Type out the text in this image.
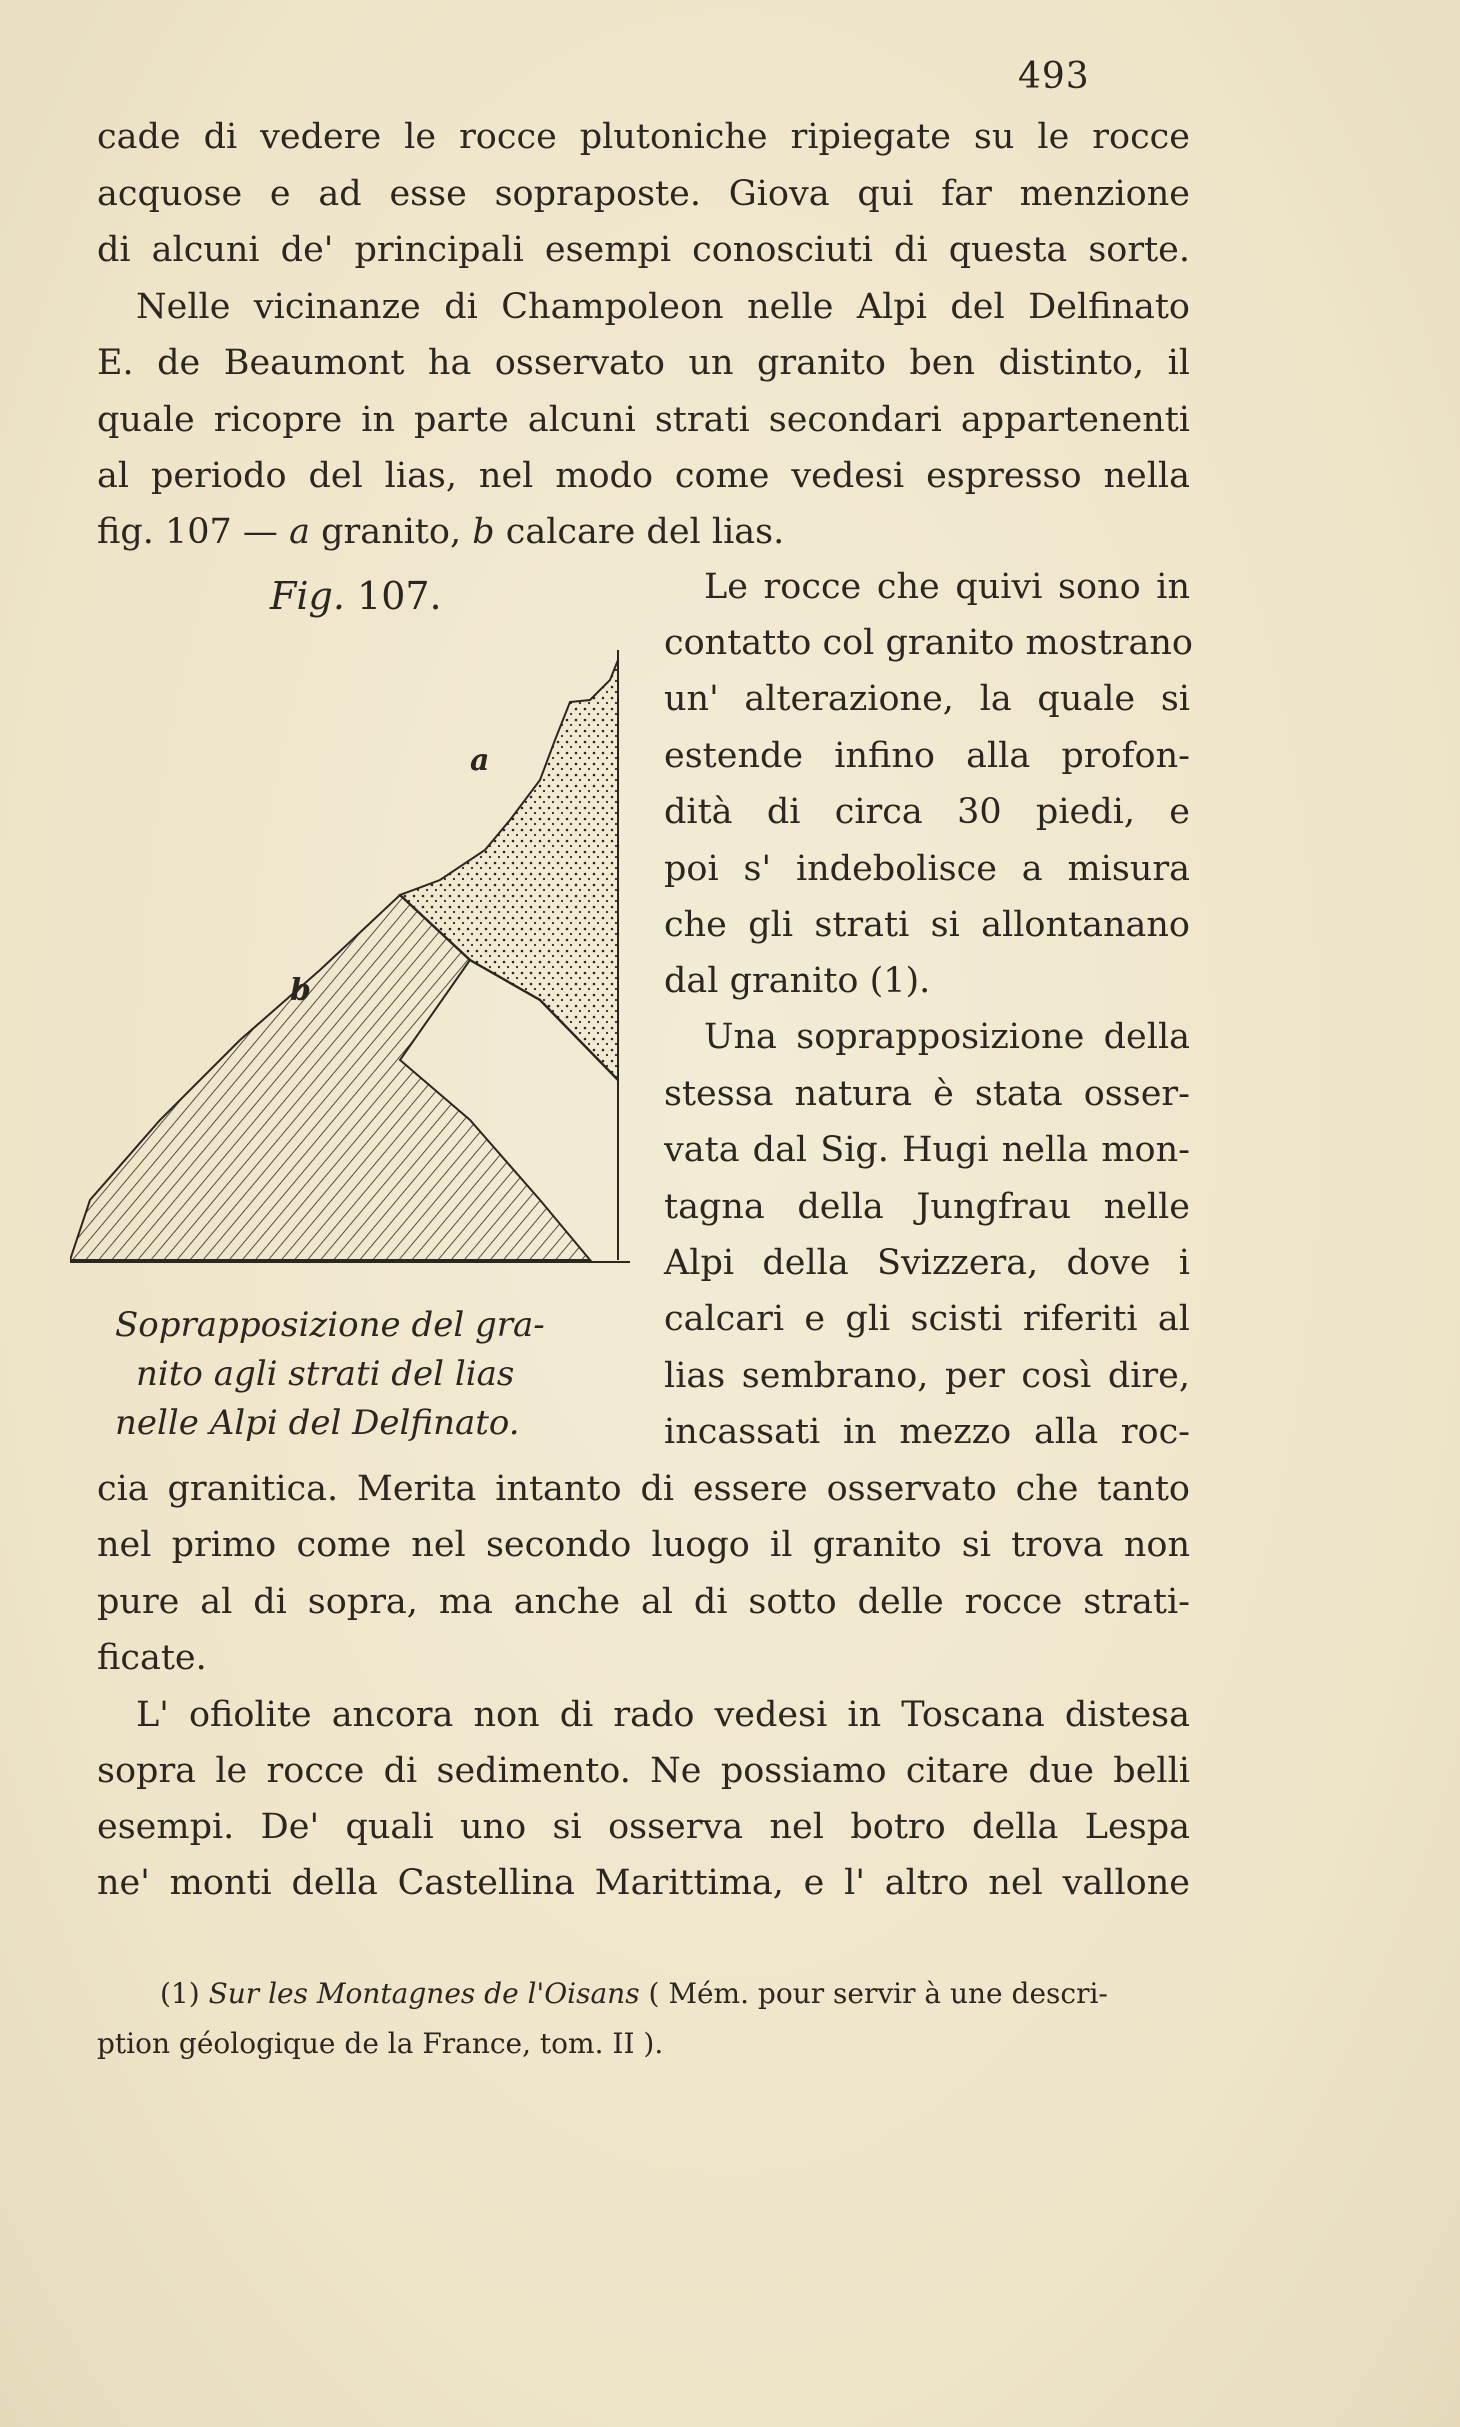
493
cade di vedere le rocce plutoniche ripiegate su le rocce
acquose e ad esse sopraposte. Giova qui far menzione
di alcuni de' principali esempi conosciuti di questa sorte.
Nelle vicinanze di Champoleon nelle Alpi del Delfinato
E. de Beaumont ha osservato un granito ben distinto, il
quale ricopre in parte alcuni strati secondari appartenenti
al periodo del lias, nel modo come vedesi espresso nella
fig. 107 — a granito, b calcare del lias.
Fig. 107.
a
b
Soprapposizione del gra-
nito agli strati del lias
nelle Alpi del Delfinato.
Le rocce che quivi sono in
contatto col granito mostrano
un' alterazione, la quale si
estende infino alla profon-
dità di circa 30 piedi, e
poi s' indebolisce a misura
che gli strati si allontanano
dal granito (1).
Una soprapposizione della
stessa natura è stata osser-
vata dal Sig. Hugi nella mon-
tagna della Jungfrau nelle
Alpi della Svizzera, dove i
calcari e gli scisti riferiti al
lias sembrano, per così dire,
incassati in mezzo alla roc-
cia granitica. Merita intanto di essere osservato che tanto
nel primo come nel secondo luogo il granito si trova non
pure al di sopra, ma anche al di sotto delle rocce strati-
ficate.
L' ofiolite ancora non di rado vedesi in Toscana distesa
sopra le rocce di sedimento. Ne possiamo citare due belli
esempi. De' quali uno si osserva nel botro della Lespa
ne' monti della Castellina Marittima, e l' altro nel vallone
(1) Sur les Montagnes de l'Oisans ( Mém. pour servir à une descri-
ption géologique de la France, tom. II ).
